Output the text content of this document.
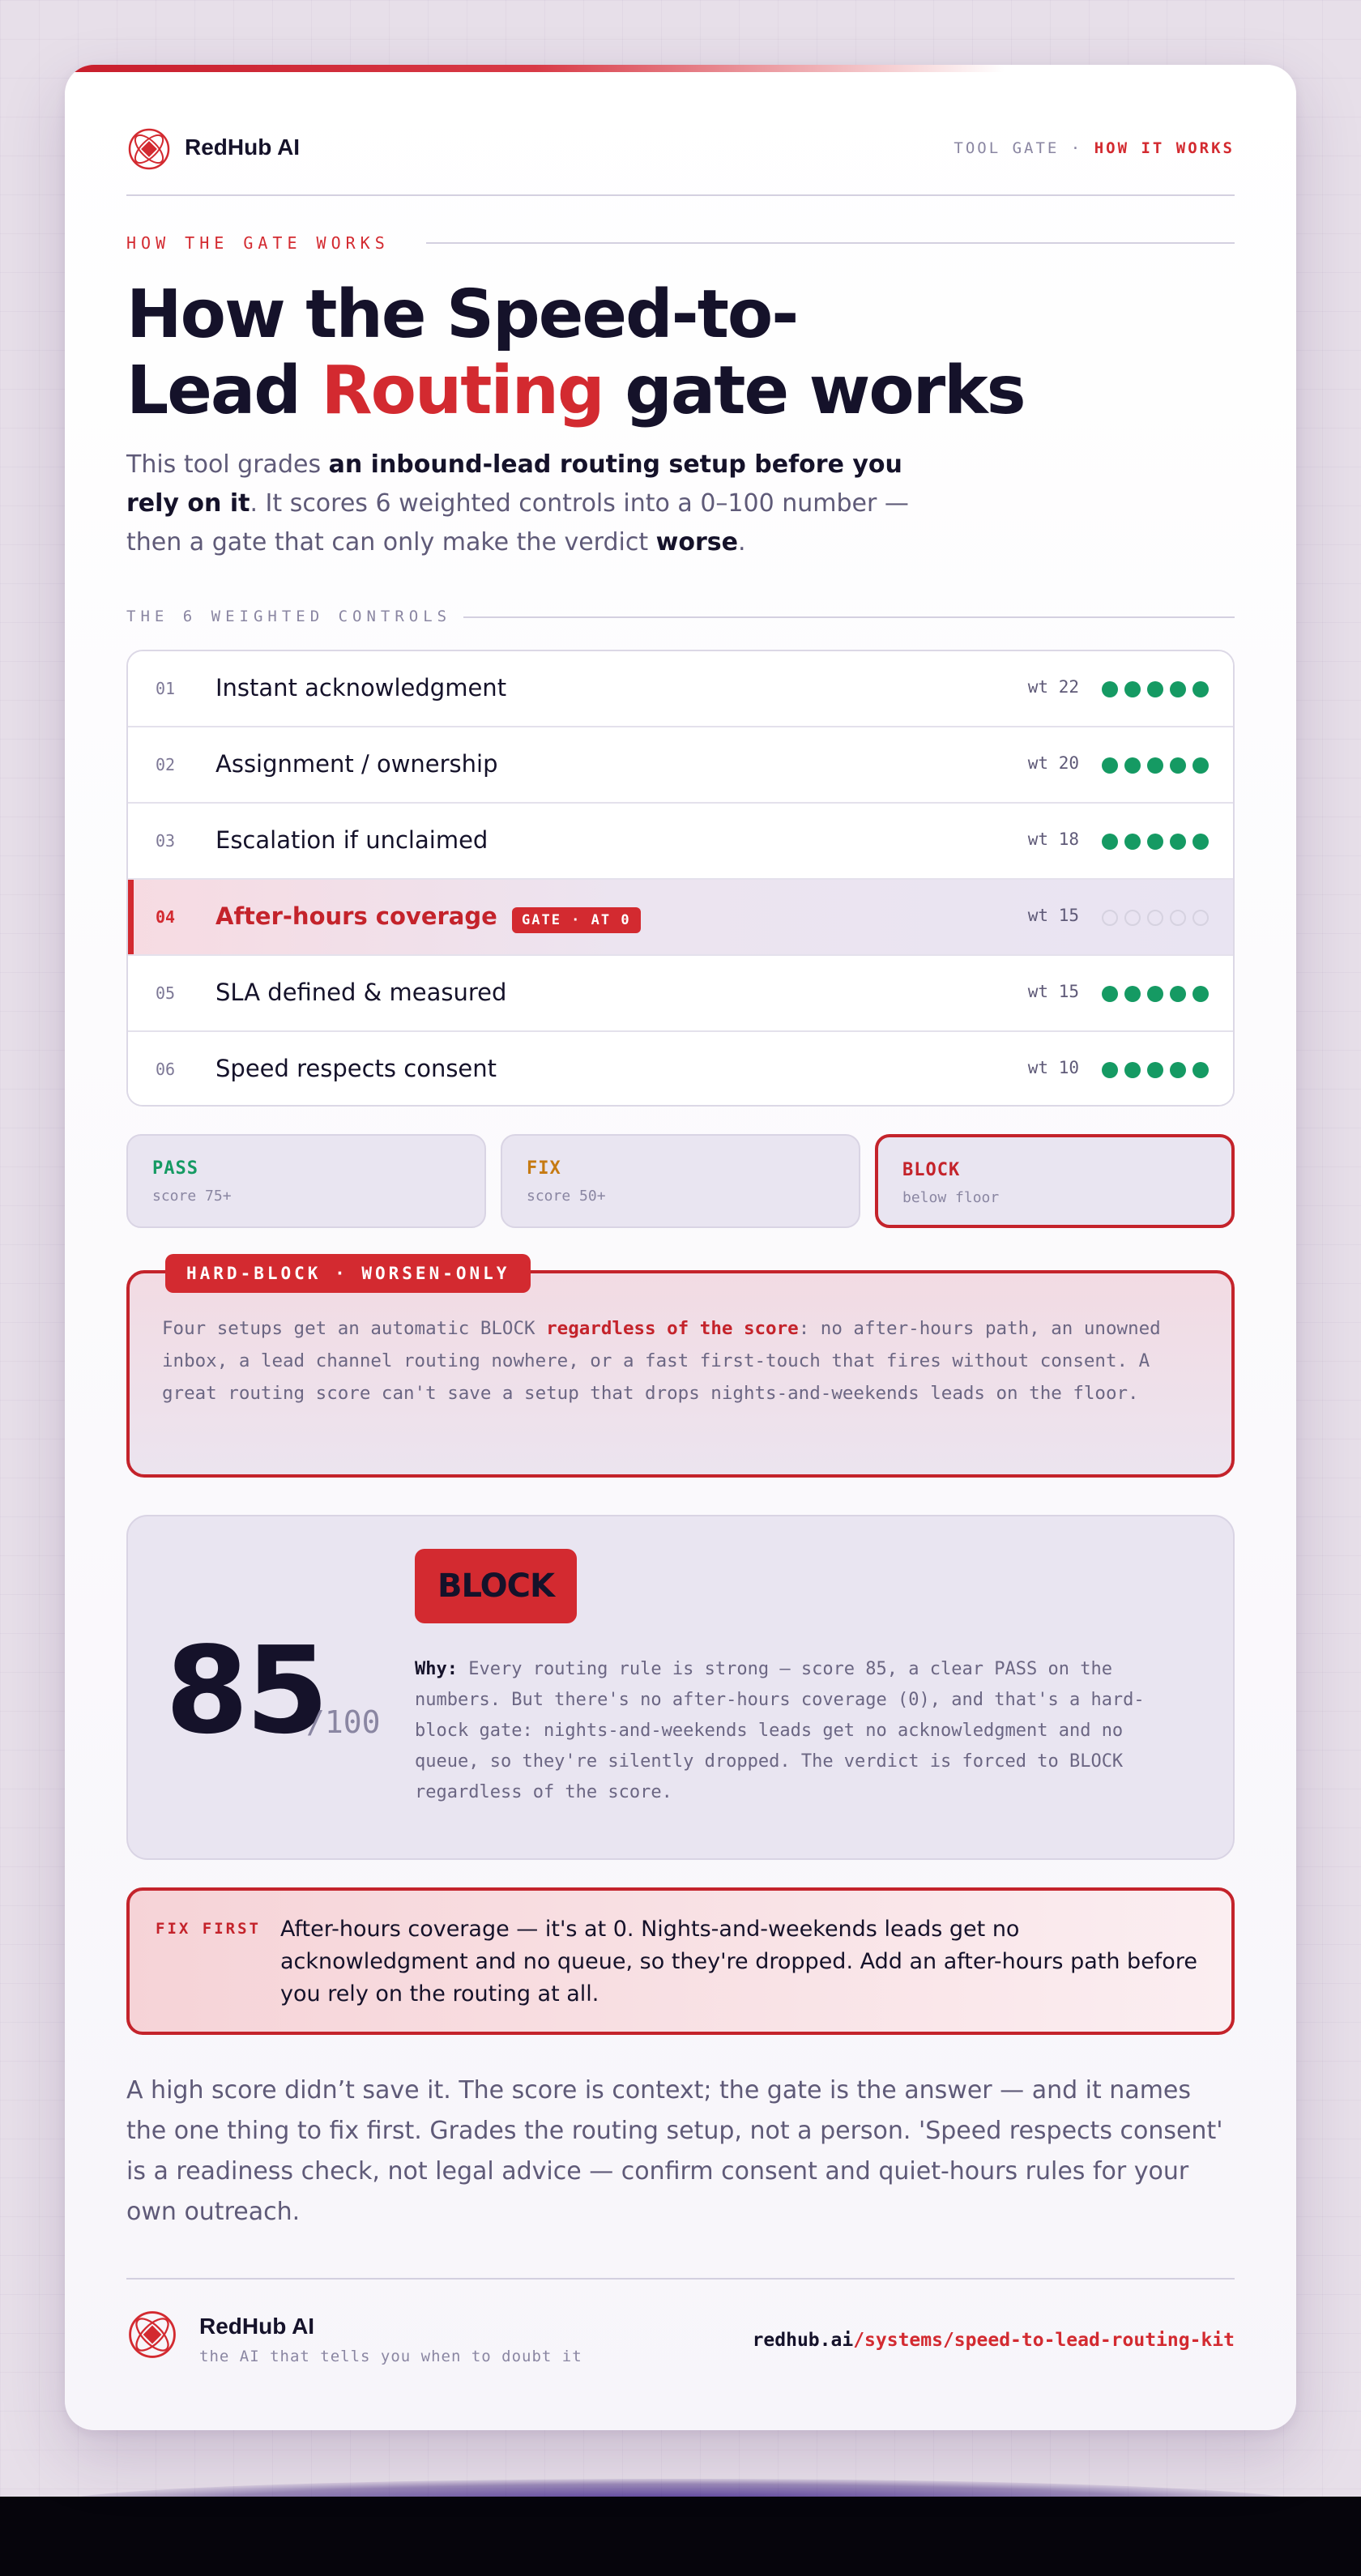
RedHub AI	TOOL GATE · HOW IT WORKS
HOW THE GATE WORKS
How the Speed-to-
Lead Routing gate works

This tool grades an inbound-lead routing setup before you rely on it. It scores 6 weighted controls into a 0–100 number — then a gate that can only make the verdict worse.

THE 6 WEIGHTED CONTROLS
01 Instant acknowledgment	wt 22
02 Assignment / ownership	wt 20
03 Escalation if unclaimed	wt 18
04 After-hours coverage	GATE · AT 0	wt 15
05 SLA defined & measured	wt 15
06 Speed respects consent	wt 10
PASS
score 75+
FIX
score 50+
BLOCK
below floor
HARD-BLOCK · WORSEN-ONLY

Four setups get an automatic BLOCK regardless of the score: no after-hours path, an unowned inbox, a lead channel routing nowhere, or a fast first-touch that fires without consent. A great routing score can't save a setup that drops nights-and-weekends leads on the floor.

85
/100
BLOCK

Why: Every routing rule is strong — score 85, a clear PASS on the numbers. But there's no after-hours coverage (0), and that's a hard-block gate: nights-and-weekends leads get no acknowledgment and no queue, so they're silently dropped. The verdict is forced to BLOCK regardless of the score.

FIX FIRST After-hours coverage — it's at 0. Nights-and-weekends leads get no acknowledgment and no queue, so they're dropped. Add an after-hours path before you rely on the routing at all.

A high score didn’t save it. The score is context; the gate is the answer — and it names the one thing to fix first. Grades the routing setup, not a person. 'Speed respects consent' is a readiness check, not legal advice — confirm consent and quiet-hours rules for your own outreach.

RedHub AI
the AI that tells you when to doubt it
redhub.ai/systems/speed-to-lead-routing-kit
